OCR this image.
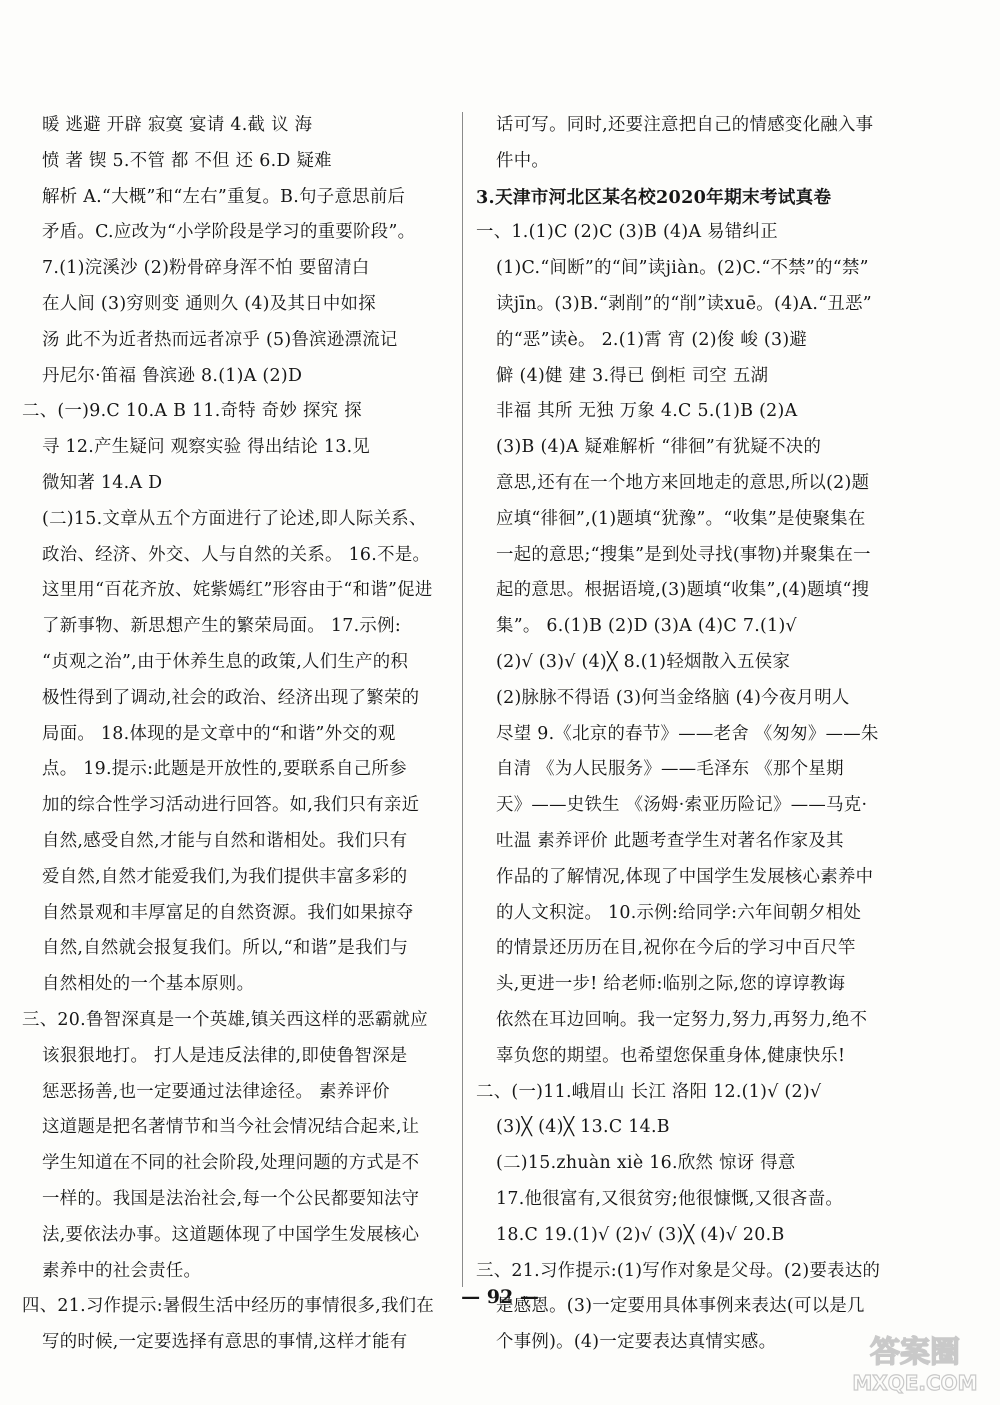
暖 逃避 开辟 寂寞 宴请 4.截 议 海
愤 著 锲 5.不管 都 不但 还 6.D 疑难
解析 A.“大概”和“左右”重复。B.句子意思前后
矛盾。C.应改为“小学阶段是学习的重要阶段”。
7.(1)浣溪沙 (2)粉骨碎身浑不怕 要留清白
在人间 (3)穷则变 通则久 (4)及其日中如探
汤 此不为近者热而远者凉乎 (5)鲁滨逊漂流记
丹尼尔·笛福 鲁滨逊 8.(1)A (2)D
二、(一)9.C 10.A B 11.奇特 奇妙 探究 探
寻 12.产生疑问 观察实验 得出结论 13.见
微知著 14.A D
(二)15.文章从五个方面进行了论述,即人际关系、
政治、经济、外交、人与自然的关系。 16.不是。
这里用“百花齐放、姹紫嫣红”形容由于“和谐”促进
了新事物、新思想产生的繁荣局面。 17.示例:
“贞观之治”,由于休养生息的政策,人们生产的积
极性得到了调动,社会的政治、经济出现了繁荣的
局面。 18.体现的是文章中的“和谐”外交的观
点。 19.提示:此题是开放性的,要联系自己所参
加的综合性学习活动进行回答。如,我们只有亲近
自然,感受自然,才能与自然和谐相处。我们只有
爱自然,自然才能爱我们,为我们提供丰富多彩的
自然景观和丰厚富足的自然资源。我们如果掠夺
自然,自然就会报复我们。所以,“和谐”是我们与
自然相处的一个基本原则。
三、20.鲁智深真是一个英雄,镇关西这样的恶霸就应
该狠狠地打。 打人是违反法律的,即使鲁智深是
惩恶扬善,也一定要通过法律途径。 素养评价
这道题是把名著情节和当今社会情况结合起来,让
学生知道在不同的社会阶段,处理问题的方式是不
一样的。我国是法治社会,每一个公民都要知法守
法,要依法办事。这道题体现了中国学生发展核心
素养中的社会责任。
四、21.习作提示:暑假生活中经历的事情很多,我们在
写的时候,一定要选择有意思的事情,这样才能有
话可写。同时,还要注意把自己的情感变化融入事
件中。
3.天津市河北区某名校2020年期末考试真卷
一、1.(1)C (2)C (3)B (4)A 易错纠正
(1)C.“间断”的“间”读jiàn。(2)C.“不禁”的“禁”
读jīn。(3)B.“剥削”的“削”读xuē。(4)A.“丑恶”
的“恶”读è。 2.(1)霄 宵 (2)俊 峻 (3)避
僻 (4)健 建 3.得已 倒柜 司空 五湖
非福 其所 无独 万象 4.C 5.(1)B (2)A
(3)B (4)A 疑难解析 “徘徊”有犹疑不决的
意思,还有在一个地方来回地走的意思,所以(2)题
应填“徘徊”,(1)题填“犹豫”。“收集”是使聚集在
一起的意思;“搜集”是到处寻找(事物)并聚集在一
起的意思。根据语境,(3)题填“收集”,(4)题填“搜
集”。 6.(1)B (2)D (3)A (4)C 7.(1)√
(2)√ (3)√ (4)╳ 8.(1)轻烟散入五侯家
(2)脉脉不得语 (3)何当金络脑 (4)今夜月明人
尽望 9.《北京的春节》——老舍 《匆匆》——朱
自清 《为人民服务》——毛泽东 《那个星期
天》——史铁生 《汤姆·索亚历险记》——马克·
吐温 素养评价 此题考查学生对著名作家及其
作品的了解情况,体现了中国学生发展核心素养中
的人文积淀。 10.示例:给同学:六年间朝夕相处
的情景还历历在目,祝你在今后的学习中百尺竿
头,更进一步! 给老师:临别之际,您的谆谆教诲
依然在耳边回响。我一定努力,努力,再努力,绝不
辜负您的期望。也希望您保重身体,健康快乐!
二、(一)11.峨眉山 长江 洛阳 12.(1)√ (2)√
(3)╳ (4)╳ 13.C 14.B
(二)15.zhuàn xiè 16.欣然 惊讶 得意
17.他很富有,又很贫穷;他很慷慨,又很吝啬。
18.C 19.(1)√ (2)√ (3)╳ (4)√ 20.B
三、21.习作提示:(1)写作对象是父母。(2)要表达的
是感恩。(3)一定要用具体事例来表达(可以是几
个事例)。(4)一定要表达真情实感。
— 92 —
答案圈
MXQE.COM
